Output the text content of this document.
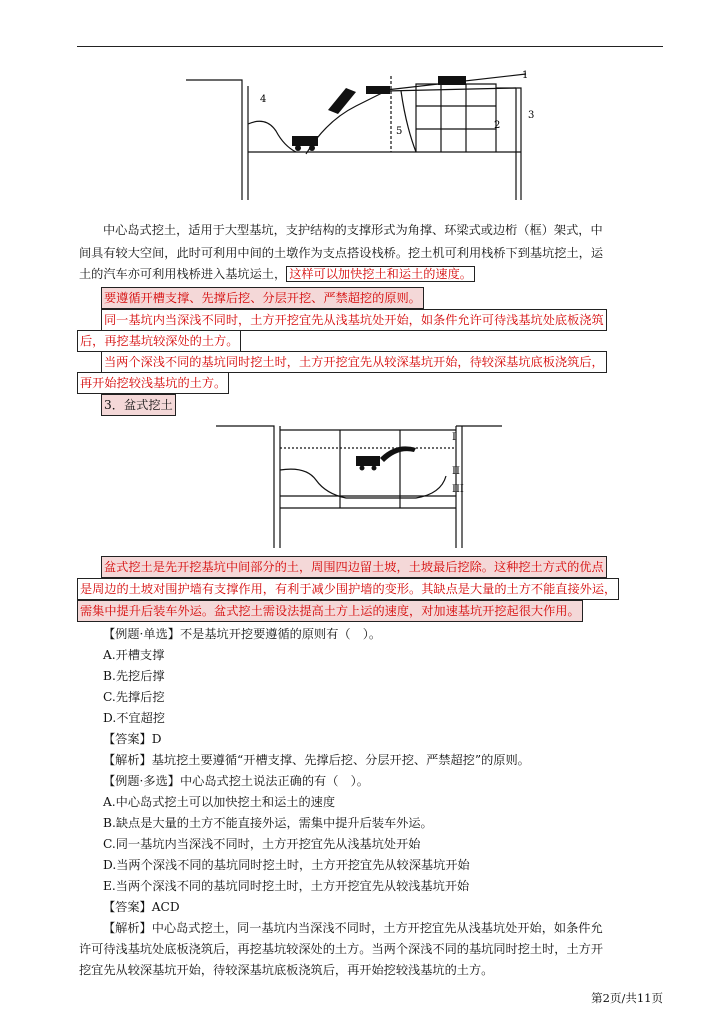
4
1
2
3
5
中心岛式挖土，适用于大型基坑，支护结构的支撑形式为角撑、环梁式或边桁（框）架式，中
间具有较大空间，此时可利用中间的土墩作为支点搭设栈桥。挖土机可利用栈桥下到基坑挖土，运
土的汽车亦可利用栈桥进入基坑运土， 这样可以加快挖土和运土的速度。
要遵循开槽支撑、先撑后挖、分层开挖、严禁超挖的原则。
同一基坑内当深浅不同时，土方开挖宜先从浅基坑处开始，如条件允许可待浅基坑处底板浇筑
后，再挖基坑较深处的土方。
当两个深浅不同的基坑同时挖土时，土方开挖宜先从较深基坑开始，待较深基坑底板浇筑后，
再开始挖较浅基坑的土方。
3．盆式挖土
I
II
III
盆式挖土是先开挖基坑中间部分的土，周围四边留土坡，土坡最后挖除。这种挖土方式的优点
是周边的土坡对围护墙有支撑作用，有利于减少围护墙的变形。其缺点是大量的土方不能直接外运，
需集中提升后装车外运。盆式挖土需设法提高土方上运的速度，对加速基坑开挖起很大作用。
【例题·单选】不是基坑开挖要遵循的原则有（　）。
A.开槽支撑
B.先挖后撑
C.先撑后挖
D.不宜超挖
【答案】D
【解析】基坑挖土要遵循“开槽支撑、先撑后挖、分层开挖、严禁超挖”的原则。
【例题·多选】中心岛式挖土说法正确的有（　）。
A.中心岛式挖土可以加快挖土和运土的速度
B.缺点是大量的土方不能直接外运，需集中提升后装车外运。
C.同一基坑内当深浅不同时，土方开挖宜先从浅基坑处开始
D.当两个深浅不同的基坑同时挖土时，土方开挖宜先从较深基坑开始
E.当两个深浅不同的基坑同时挖土时，土方开挖宜先从较浅基坑开始
【答案】ACD
【解析】中心岛式挖土，同一基坑内当深浅不同时，土方开挖宜先从浅基坑处开始，如条件允
许可待浅基坑处底板浇筑后，再挖基坑较深处的土方。当两个深浅不同的基坑同时挖土时，土方开
挖宜先从较深基坑开始，待较深基坑底板浇筑后，再开始挖较浅基坑的土方。
第2页/共11页
